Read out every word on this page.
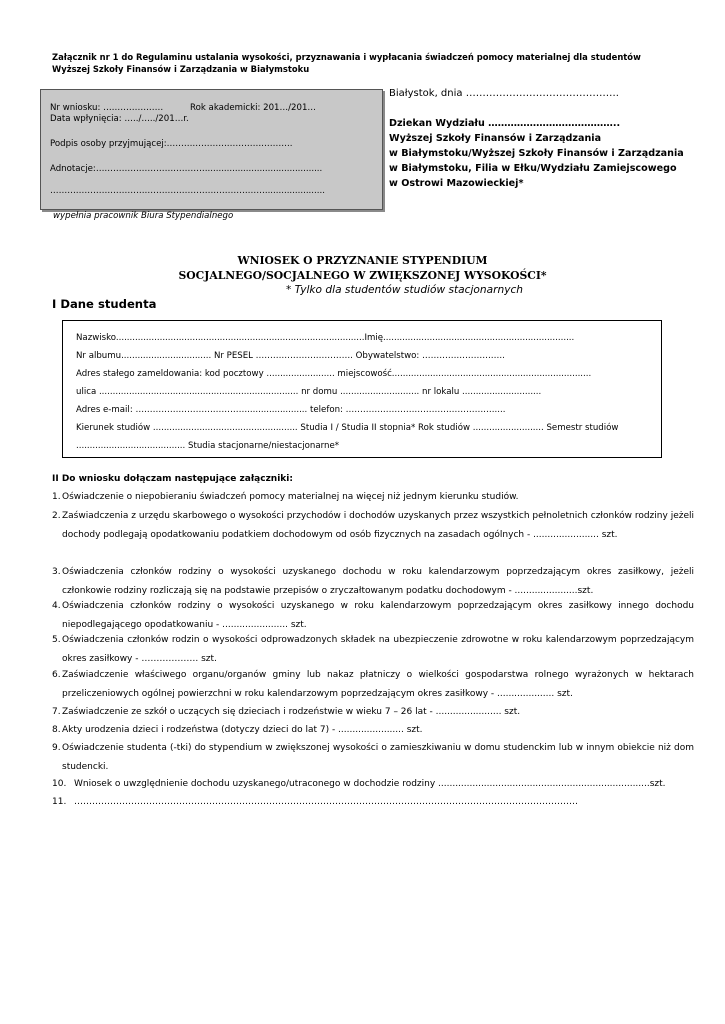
Załącznik nr 1 do Regulaminu ustalania wysokości, przyznawania i wypłacania świadczeń pomocy materialnej dla studentów
Wyższej Szkoły Finansów i Zarządzania w Białymstoku
Nr wniosku: …………………	Rok akademicki: 201…/201…
Data wpłynięcia: …../…../201…r.
Podpis osoby przyjmującej:……………………………………..
Adnotacje:…………………………………..........................................
…………………………………………………………………......................
wypełnia pracownik Biura Stypendialnego
Białystok, dnia ……………………………………….
Dziekan Wydziału …………………………………..
Wyższej Szkoły Finansów i Zarządzania
w Białymstoku/Wyższej Szkoły Finansów i Zarządzania
w Białymstoku, Filia w Ełku/Wydziału Zamiejscowego
w Ostrowi Mazowieckiej*
WNIOSEK O PRZYZNANIE STYPENDIUM
SOCJALNEGO/SOCJALNEGO W ZWIĘKSZONEJ WYSOKOŚCI*
* Tylko dla studentów studiów stacjonarnych
I Dane studenta
Nazwisko...........................................................................................Imię......................................................................
Nr albumu................................. Nr PESEL ……………………………. Obywatelstwo: ………………………..
Adres stałego zameldowania: kod pocztowy ......................... miejscowość.........................................................................
ulica ......................................................................... nr domu ............................. nr lokalu .............................
Adres e-mail: …………………………………...................... telefon: …………………………………………….....
Kierunek studiów ..................................................... Studia I / Studia II stopnia* Rok studiów .......................... Semestr studiów
........................................ Studia stacjonarne/niestacjonarne*
II Do wniosku dołączam następujące załączniki:
1. Oświadczenie o niepobieraniu świadczeń pomocy materialnej na więcej niż jednym kierunku studiów.
2. Zaświadczenia z urzędu skarbowego o wysokości przychodów i dochodów uzyskanych przez wszystkich pełnoletnich członków rodziny jeżeli dochody podlegają opodatkowaniu podatkiem dochodowym od osób fizycznych na zasadach ogólnych - ....................... szt.
3. Oświadczenia członków rodziny o wysokości uzyskanego dochodu w roku kalendarzowym poprzedzającym okres zasiłkowy, jeżeli członkowie rodziny rozliczają się na podstawie przepisów o zryczałtowanym podatku dochodowym - ......................szt.
4. Oświadczenia członków rodziny o wysokości uzyskanego w roku kalendarzowym poprzedzającym okres zasiłkowy innego dochodu niepodlegającego opodatkowaniu - ....................... szt.
5. Oświadczenia członków rodzin o wysokości odprowadzonych składek na ubezpieczenie zdrowotne w roku kalendarzowym poprzedzającym okres zasiłkowy - ………………. szt.
6. Zaświadczenie właściwego organu/organów gminy lub nakaz płatniczy o wielkości gospodarstwa rolnego wyrażonych w hektarach przeliczeniowych ogólnej powierzchni w roku kalendarzowym poprzedzającym okres zasiłkowy - .................... szt.
7. Zaświadczenie ze szkół o uczących się dzieciach i rodzeństwie w wieku 7 – 26 lat - ....................... szt.
8. Akty urodzenia dzieci i rodzeństwa (dotyczy dzieci do lat 7) - ....................... szt.
9. Oświadczenie studenta (-tki) do stypendium w zwiększonej wysokości o zamieszkiwaniu w domu studenckim lub w innym obiekcie niż dom studencki.
10. Wniosek o uwzględnienie dochodu uzyskanego/utraconego w dochodzie rodziny ..........................................................................szt.
11. ……………………………………………………………………………………………………………………………………………………
